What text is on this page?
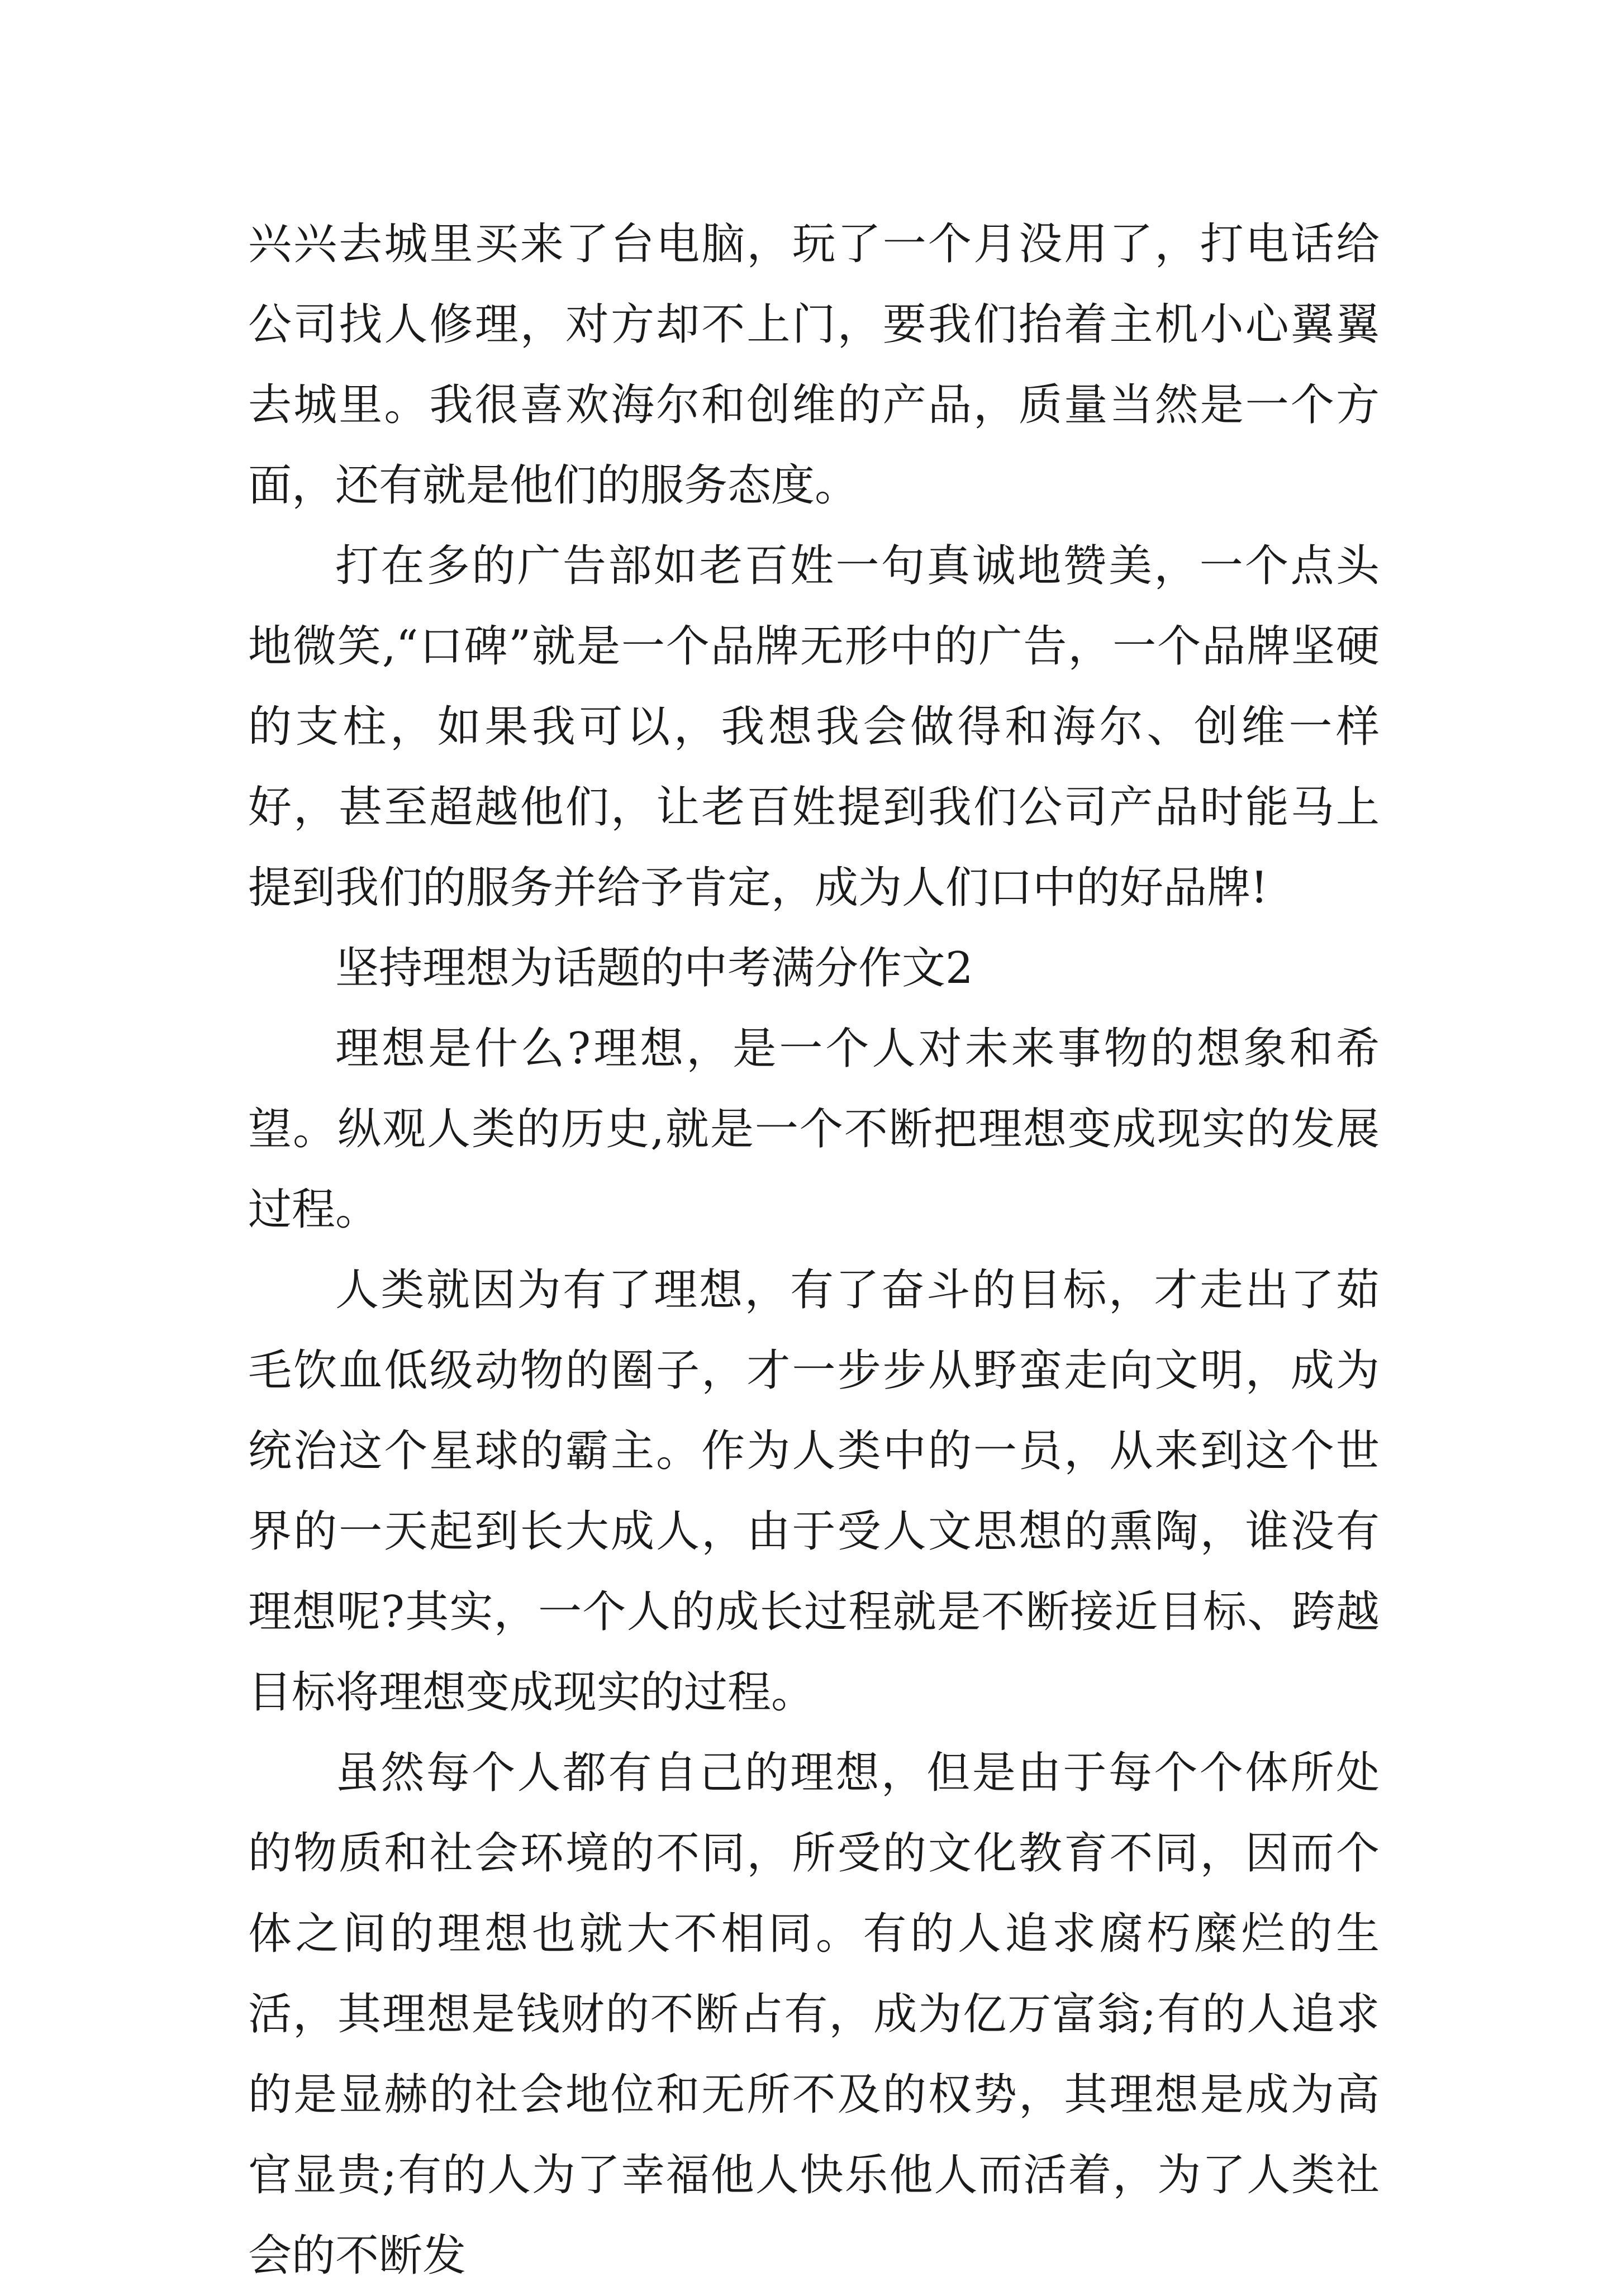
兴兴去城里买来了台电脑，玩了一个月没用了，打电话给公司找人修理，对方却不上门，要我们抬着主机小心翼翼去城里。我很喜欢海尔和创维的产品，质量当然是一个方面，还有就是他们的服务态度。

打在多的广告部如老百姓一句真诚地赞美，一个点头地微笑,“口碑”就是一个品牌无形中的广告，一个品牌坚硬的支柱，如果我可以，我想我会做得和海尔、创维一样好，甚至超越他们，让老百姓提到我们公司产品时能马上提到我们的服务并给予肯定，成为人们口中的好品牌!

坚持理想为话题的中考满分作文2

理想是什么?理想，是一个人对未来事物的想象和希望。纵观人类的历史,就是一个不断把理想变成现实的发展过程。

人类就因为有了理想，有了奋斗的目标，才走出了茹毛饮血低级动物的圈子，才一步步从野蛮走向文明，成为统治这个星球的霸主。作为人类中的一员，从来到这个世界的一天起到长大成人，由于受人文思想的熏陶，谁没有理想呢?其实，一个人的成长过程就是不断接近目标、跨越目标将理想变成现实的过程。

虽然每个人都有自己的理想，但是由于每个个体所处的物质和社会环境的不同，所受的文化教育不同，因而个体之间的理想也就大不相同。有的人追求腐朽糜烂的生活，其理想是钱财的不断占有，成为亿万富翁;有的人追求的是显赫的社会地位和无所不及的权势，其理想是成为高官显贵;有的人为了幸福他人快乐他人而活着，为了人类社会的不断发
